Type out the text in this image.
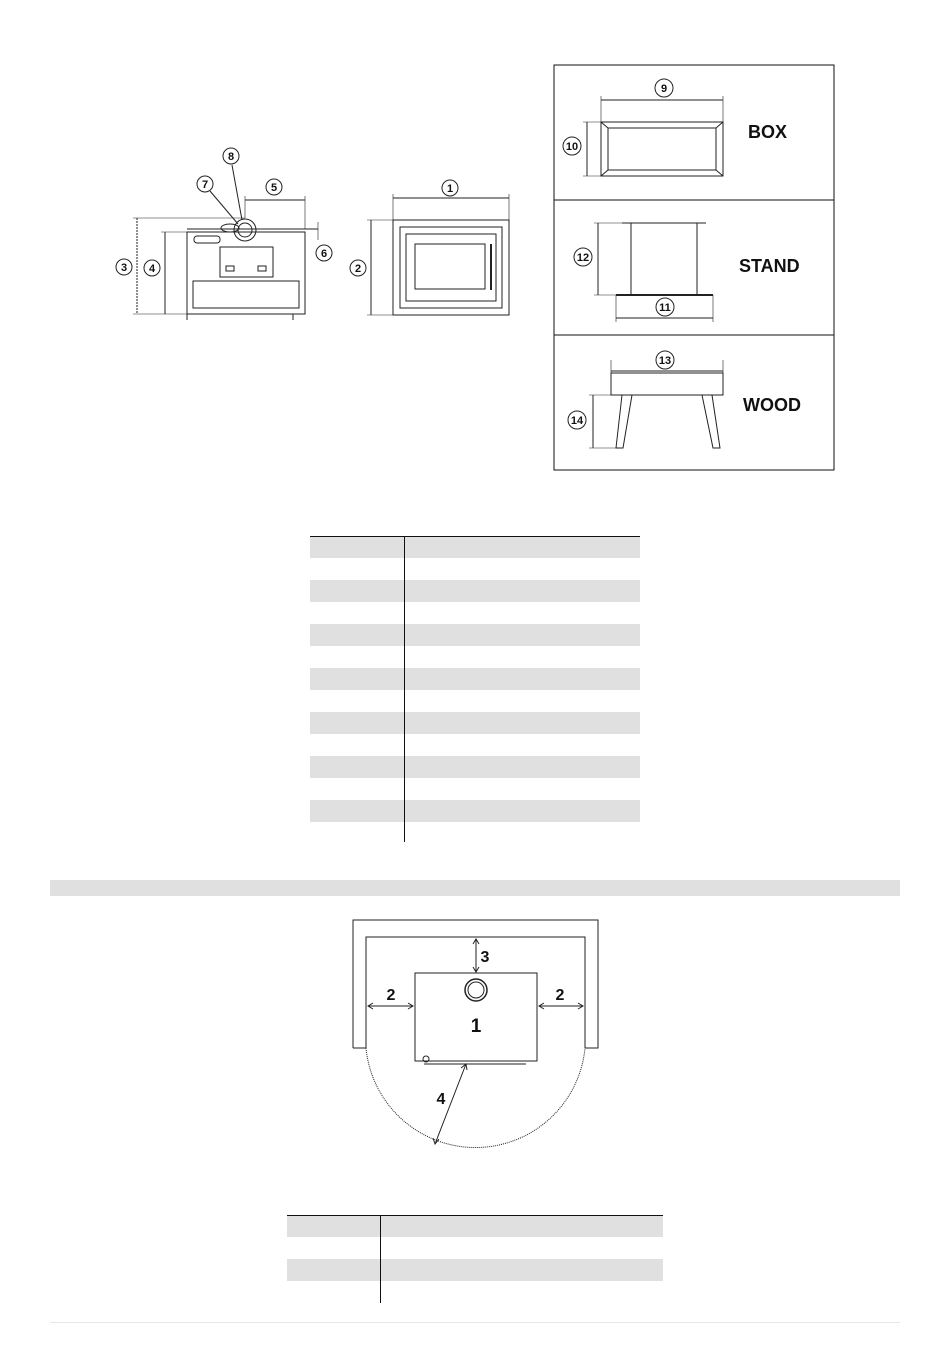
3 4
5
6
7
8
1
2
9
10
12
11
13
14
BOX
STAND
WOOD
3
2	2
4
1
